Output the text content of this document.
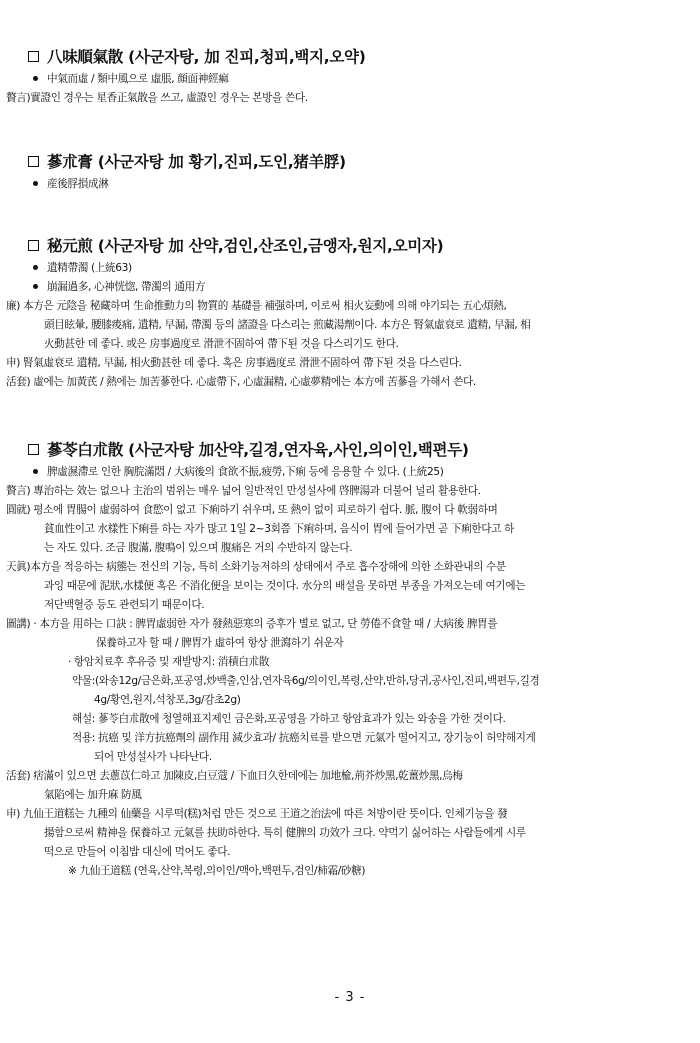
八味順氣散 (사군자탕, 加 진피,청피,백지,오약)
中氣而虛 / 類中風으로 虛脹, 顔面神經痲
贅言)實證인 경우는 星香正氣散을 쓰고, 虛證인 경우는 본방을 쓴다.
蔘朮膏 (사군자탕 加 황기,진피,도인,猪羊脬)
産後脬損成淋
秘元煎 (사군자탕 加 산약,검인,산조인,금앵자,원지,오미자)
遺精帶濁 (上統63)
崩漏過多, 心神恍惚, 帶濁의 通用方
廉) 本方은 元陰을 秘藏하며 生命推動力의 物質的 基礎를 補强하며, 이로써 相火妄動에 의해 야기되는 五心煩熱,
頭目眩暈, 腰膝痠痛, 遺精, 早漏, 帶濁 등의 諸證을 다스리는 煎藏湯劑이다. 本方은 腎氣虛衰로 遺精, 早漏, 相
火動甚한 데 좋다. 或은 房事過度로 滑泄不固하여 帶下된 것을 다스리기도 한다.
申) 腎氣虛衰로 遺精, 早漏, 相火動甚한 데 좋다. 혹은 房事過度로 滑泄不固하여 帶下된 것을 다스린다.
活套) 虛에는 加黃芪 / 熱에는 加苦蔘한다. 心虛帶下, 心虛漏精, 心虛夢精에는 本方에 苦蔘을 가해서 쓴다.
蔘苓白朮散 (사군자탕 加산약,길경,연자육,사인,의이인,백편두)
脾虛濕滯로 인한 胸脘滿悶 / 大病後의 食欲不振,疲勞,下痢 등에 응용할 수 있다. (上統25)
贅言) 專治하는 效는 없으나 主治의 범위는 매우 넓어 일반적인 만성설사에 啓脾湯과 더불어 널리 활용한다.
圓就) 평소에 胃腸이 虛弱하여 食慾이 없고 下痢하기 쉬우며, 또 熱이 없이 피로하기 쉽다. 脈, 腹이 다 軟弱하며
貧血性이고 水樣性下痢를 하는 자가 많고 1일 2~3회쯤 下痢하며, 음식이 胃에 들어가면 곧 下痢한다고 하
는 자도 있다. 조금 腹滿, 腹鳴이 있으며 腹痛은 거의 수반하지 않는다.
天眞)本方을 적응하는 病態는 전신의 기능, 특히 소화기능저하의 상태에서 주로 흡수장해에 의한 소화관내의 수분
과잉 때문에 泥狀,水樣便 혹은 不消化便을 보이는 것이다. 水分의 배설을 못하면 부종을 가져오는데 여기에는
저단백혈증 등도 관련되기 때문이다.
圖講) · 本方을 用하는 口訣 : 脾胃虛弱한 자가 發熱惡寒의 증후가 별로 없고, 단 勞倦不食할 때 / 大病後 脾胃를
保養하고자 할 때 / 脾胃가 虛하여 항상 泄瀉하기 쉬운자
· 항암치료후 후유증 및 재발방지: 消積白朮散
약물:(와송12g/금은화,포공영,炒백출,인삼,연자육6g/의이인,복령,산약,반하,당귀,공사인,진피,백편두,길경
4g/황연,원지,석창포,3g/감초2g)
해설: 蔘苓白朮散에 청열해표지제인 금은화,포공영을 가하고 항암효과가 있는 와송을 가한 것이다.
적용: 抗癌 및 洋方抗癌劑의 副作用 減少효과/ 抗癌치료를 받으면 元氣가 떨어지고, 장기능이 허약해지게
되어 만성설사가 나타난다.
活套) 痞滿이 있으면 去蔥苡仁하고 加陳皮,白豆蔻 / 下血日久한데에는 加地楡,荊芥炒黑,乾薑炒黑,烏梅
氣陷에는 加升麻 防風
申) 九仙王道糕는 九種의 仙藥을 시루떡(糕)처럼 만든 것으로 王道之治法에 따른 처방이란 뜻이다. 인체기능을 發
揚함으로써 精神을 保養하고 元氣를 扶助하한다. 특히 健脾의 功效가 크다. 약먹기 싫어하는 사람들에게 시루
떡으로 만들어 이침밥 대신에 먹어도 좋다.
※ 九仙王道糕 (연육,산약,복령,의이인/맥아,백편두,검인/柿霜/砂糖)
- 3 -
